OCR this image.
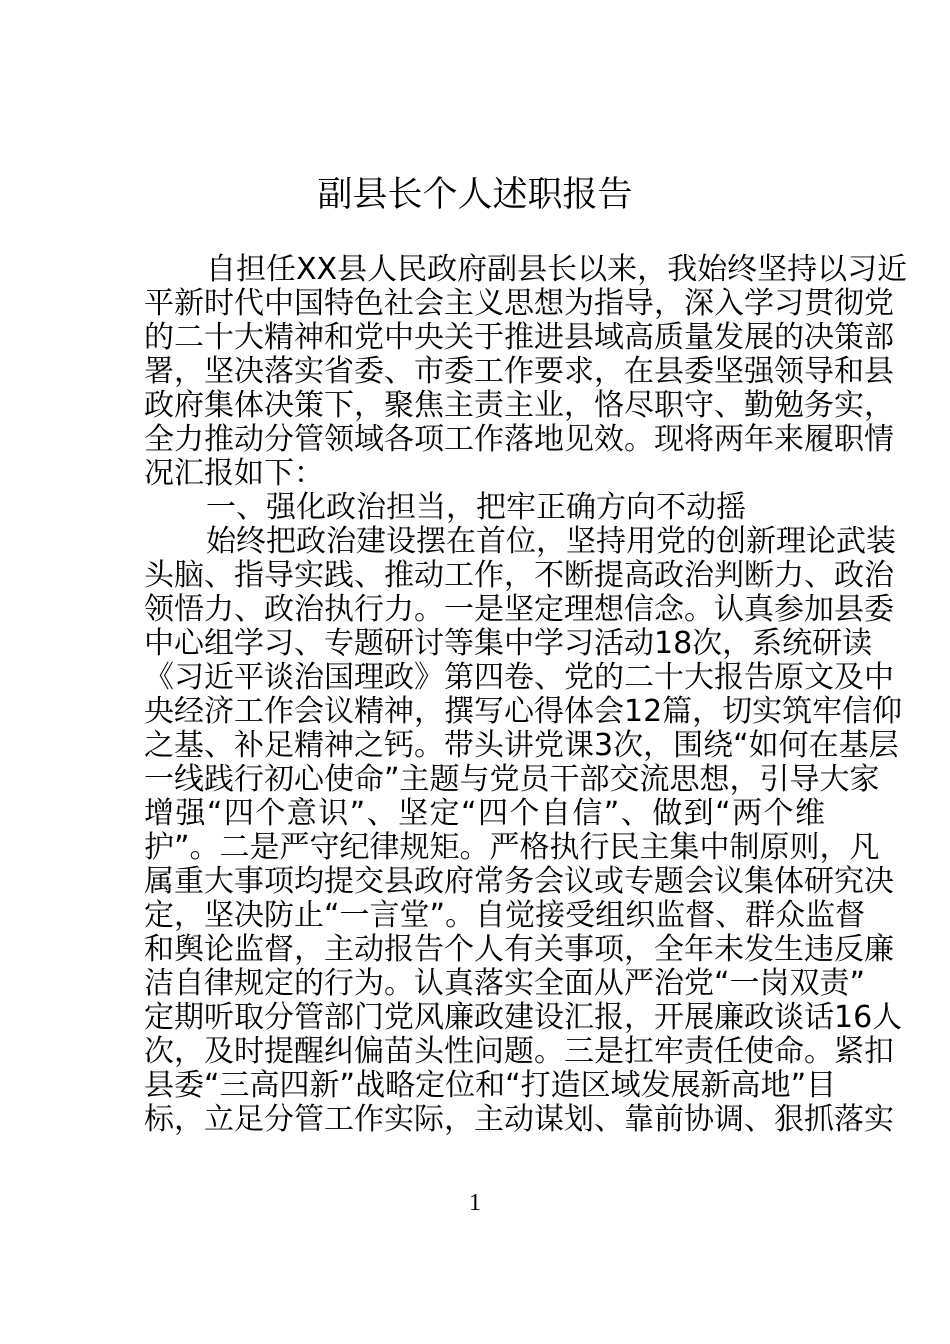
副县长个人述职报告
自担任XX县人民政府副县长以来，我始终坚持以习近
平新时代中国特色社会主义思想为指导，深入学习贯彻党
的二十大精神和党中央关于推进县域高质量发展的决策部
署，坚决落实省委、市委工作要求，在县委坚强领导和县
政府集体决策下，聚焦主责主业，恪尽职守、勤勉务实，
全力推动分管领域各项工作落地见效。现将两年来履职情
况汇报如下：
一、强化政治担当，把牢正确方向不动摇
始终把政治建设摆在首位，坚持用党的创新理论武装
头脑、指导实践、推动工作，不断提高政治判断力、政治
领悟力、政治执行力。一是坚定理想信念。认真参加县委
中心组学习、专题研讨等集中学习活动18次，系统研读
《习近平谈治国理政》第四卷、党的二十大报告原文及中
央经济工作会议精神，撰写心得体会12篇，切实筑牢信仰
之基、补足精神之钙。带头讲党课3次，围绕“如何在基层
一线践行初心使命”主题与党员干部交流思想，引导大家
增强“四个意识”、坚定“四个自信”、做到“两个维
护”。二是严守纪律规矩。严格执行民主集中制原则，凡
属重大事项均提交县政府常务会议或专题会议集体研究决
定，坚决防止“一言堂”。自觉接受组织监督、群众监督
和舆论监督，主动报告个人有关事项，全年未发生违反廉
洁自律规定的行为。认真落实全面从严治党“一岗双责”
定期听取分管部门党风廉政建设汇报，开展廉政谈话16人
次，及时提醒纠偏苗头性问题。三是扛牢责任使命。紧扣
县委“三高四新”战略定位和“打造区域发展新高地”目
标，立足分管工作实际，主动谋划、靠前协调、狠抓落实
1
